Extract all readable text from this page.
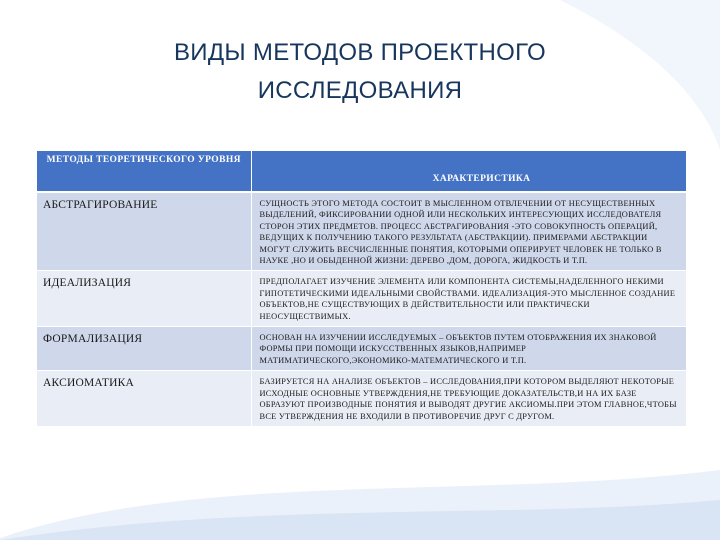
ВИДЫ МЕТОДОВ ПРОЕКТНОГО
ИССЛЕДОВАНИЯ
МЕТОДЫ ТЕОРЕТИЧЕСКОГО УРОВНЯ	ХАРАКТЕРИСТИКА
АБСТРАГИРОВАНИЕ	СУЩНОСТЬ ЭТОГО МЕТОДА СОСТОИТ В МЫСЛЕННОМ ОТВЛЕЧЕНИИ ОТ НЕСУЩЕСТВЕННЫХ ВЫДЕЛЕНИЙ, ФИКСИРОВАНИИ ОДНОЙ ИЛИ НЕСКОЛЬКИХ ИНТЕРЕСУЮЩИХ ИССЛЕДОВАТЕЛЯ СТОРОН ЭТИХ ПРЕДМЕТОВ. ПРОЦЕСС АБСТРАГИРОВАНИЯ -ЭТО СОВОКУПНОСТЬ ОПЕРАЦИЙ, ВЕДУЩИХ К ПОЛУЧЕНИЮ ТАКОГО РЕЗУЛЬТАТА (АБСТРАКЦИИ). ПРИМЕРАМИ АБСТРАКЦИИ МОГУТ СЛУЖИТЬ ВЕСЧИСЛЕННЫЕ ПОНЯТИЯ, КОТОРЫМИ ОПЕРИРУЕТ ЧЕЛОВЕК НЕ ТОЛЬКО В НАУКЕ ,НО И ОБЫДЕННОЙ ЖИЗНИ: ДЕРЕВО ,ДОМ, ДОРОГА, ЖИДКОСТЬ И Т.П.
ИДЕАЛИЗАЦИЯ	ПРЕДПОЛАГАЕТ ИЗУЧЕНИЕ ЭЛЕМЕНТА ИЛИ КОМПОНЕНТА СИСТЕМЫ,НАДЕЛЕННОГО НЕКИМИ ГИПОТЕТИЧЕСКИМИ ИДЕАЛЬНЫМИ СВОЙСТВАМИ. ИДЕАЛИЗАЦИЯ-ЭТО МЫСЛЕННОЕ СОЗДАНИЕ ОБЪЕКТОВ,НЕ СУЩЕСТВУЮЩИХ В ДЕЙСТВИТЕЛЬНОСТИ ИЛИ ПРАКТИЧЕСКИ НЕОСУЩЕСТВИМЫХ.
ФОРМАЛИЗАЦИЯ	ОСНОВАН НА ИЗУЧЕНИИ ИССЛЕДУЕМЫХ – ОБЪЕКТОВ ПУТЕМ ОТОБРАЖЕНИЯ ИХ ЗНАКОВОЙ ФОРМЫ ПРИ ПОМОЩИ ИСКУССТВЕННЫХ ЯЗЫКОВ,НАПРИМЕР МАТИМАТИЧЕСКОГО,ЭКОНОМИКО-МАТЕМАТИЧЕСКОГО И Т.П.
АКСИОМАТИКА	БАЗИРУЕТСЯ НА АНАЛИЗЕ ОБЪЕКТОВ – ИССЛЕДОВАНИЯ,ПРИ КОТОРОМ ВЫДЕЛЯЮТ НЕКОТОРЫЕ ИСХОДНЫЕ ОСНОВНЫЕ УТВЕРЖДЕНИЯ,НЕ ТРЕБУЮЩИЕ ДОКАЗАТЕЛЬСТВ,И НА ИХ БАЗЕ ОБРАЗУЮТ ПРОИЗВОДНЫЕ ПОНЯТИЯ И ВЫВОДЯТ ДРУГИЕ АКСИОМЫ.ПРИ ЭТОМ ГЛАВНОЕ,ЧТОБЫ ВСЕ УТВЕРЖДЕНИЯ НЕ ВХОДИЛИ В ПРОТИВОРЕЧИЕ ДРУГ С ДРУГОМ.
